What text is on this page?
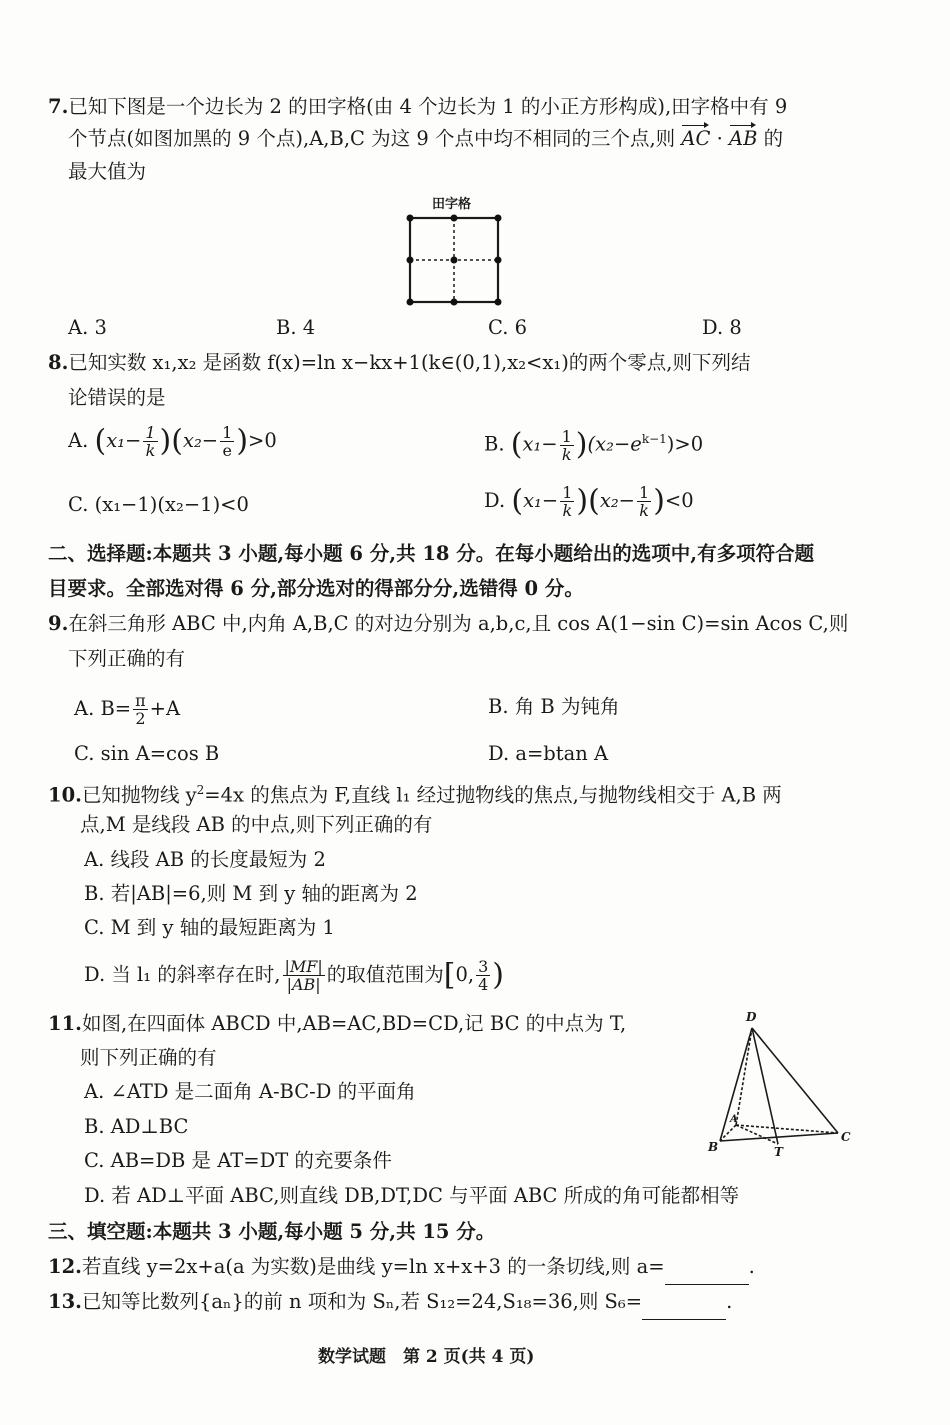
7.已知下图是一个边长为 2 的田字格(由 4 个边长为 1 的小正方形构成),田字格中有 9
个节点(如图加黑的 9 个点),A,B,C 为这 9 个点中均不相同的三个点,则 AC · AB 的
最大值为
田字格
A. 3	B. 4	C. 6	D. 8
8.已知实数 x₁,x₂ 是函数 f(x)=ln x−kx+1(k∈(0,1),x₂<x₁)的两个零点,则下列结
论错误的是
A. $(x_1- \frac{1}{k} )(x_2- \frac{1}{e} )>0$	B. $(x_1- \frac{1}{k} )(x_2-e^{k-1})>0$
C. (x₁−1)(x₂−1)<0	D. $(x_1- \frac{1}{k} )(x_2- \frac{1}{k} )<0$
二、选择题:本题共 3 小题,每小题 6 分,共 18 分。在每小题给出的选项中,有多项符合题
目要求。全部选对得 6 分,部分选对的得部分分,选错得 0 分。
9.在斜三角形 ABC 中,内角 A,B,C 的对边分别为 a,b,c,且 cos A(1−sin C)=sin Acos C,则
下列正确的有
A. $B= \frac{\pi}{2} +A$	B. 角 B 为钝角
C. sin A=cos B	D. a=btan A
10.已知抛物线 $y^2=4x$ 的焦点为 F,直线 l₁ 经过抛物线的焦点,与抛物线相交于 A,B 两
点,M 是线段 AB 的中点,则下列正确的有
A. 线段 AB 的长度最短为 2
B. 若|AB|=6,则 M 到 y 轴的距离为 2
C. M 到 y 轴的最短距离为 1
D. 当 l₁ 的斜率存在时, $\frac{|MF|}{|AB|}$ 的取值范围为[0, $\frac{3}{4}$ )
11.如图,在四面体 ABCD 中,AB=AC,BD=CD,记 BC 的中点为 T,
则下列正确的有
A. ∠ATD 是二面角 A-BC-D 的平面角
B. AD⊥BC
C. AB=DB 是 AT=DT 的充要条件
D. 若 AD⊥平面 ABC,则直线 DB,DT,DC 与平面 ABC 所成的角可能都相等
D
A
B	T
C
三、填空题:本题共 3 小题,每小题 5 分,共 15 分。
12.若直线 y=2x+a(a 为实数)是曲线 y=ln x+x+3 的一条切线,则 a=	.
13.已知等比数列{aₙ}的前 n 项和为 Sₙ,若 S₁₂=24,S₁₈=36,则 S₆=	.
数学试题　第 2 页(共 4 页)
